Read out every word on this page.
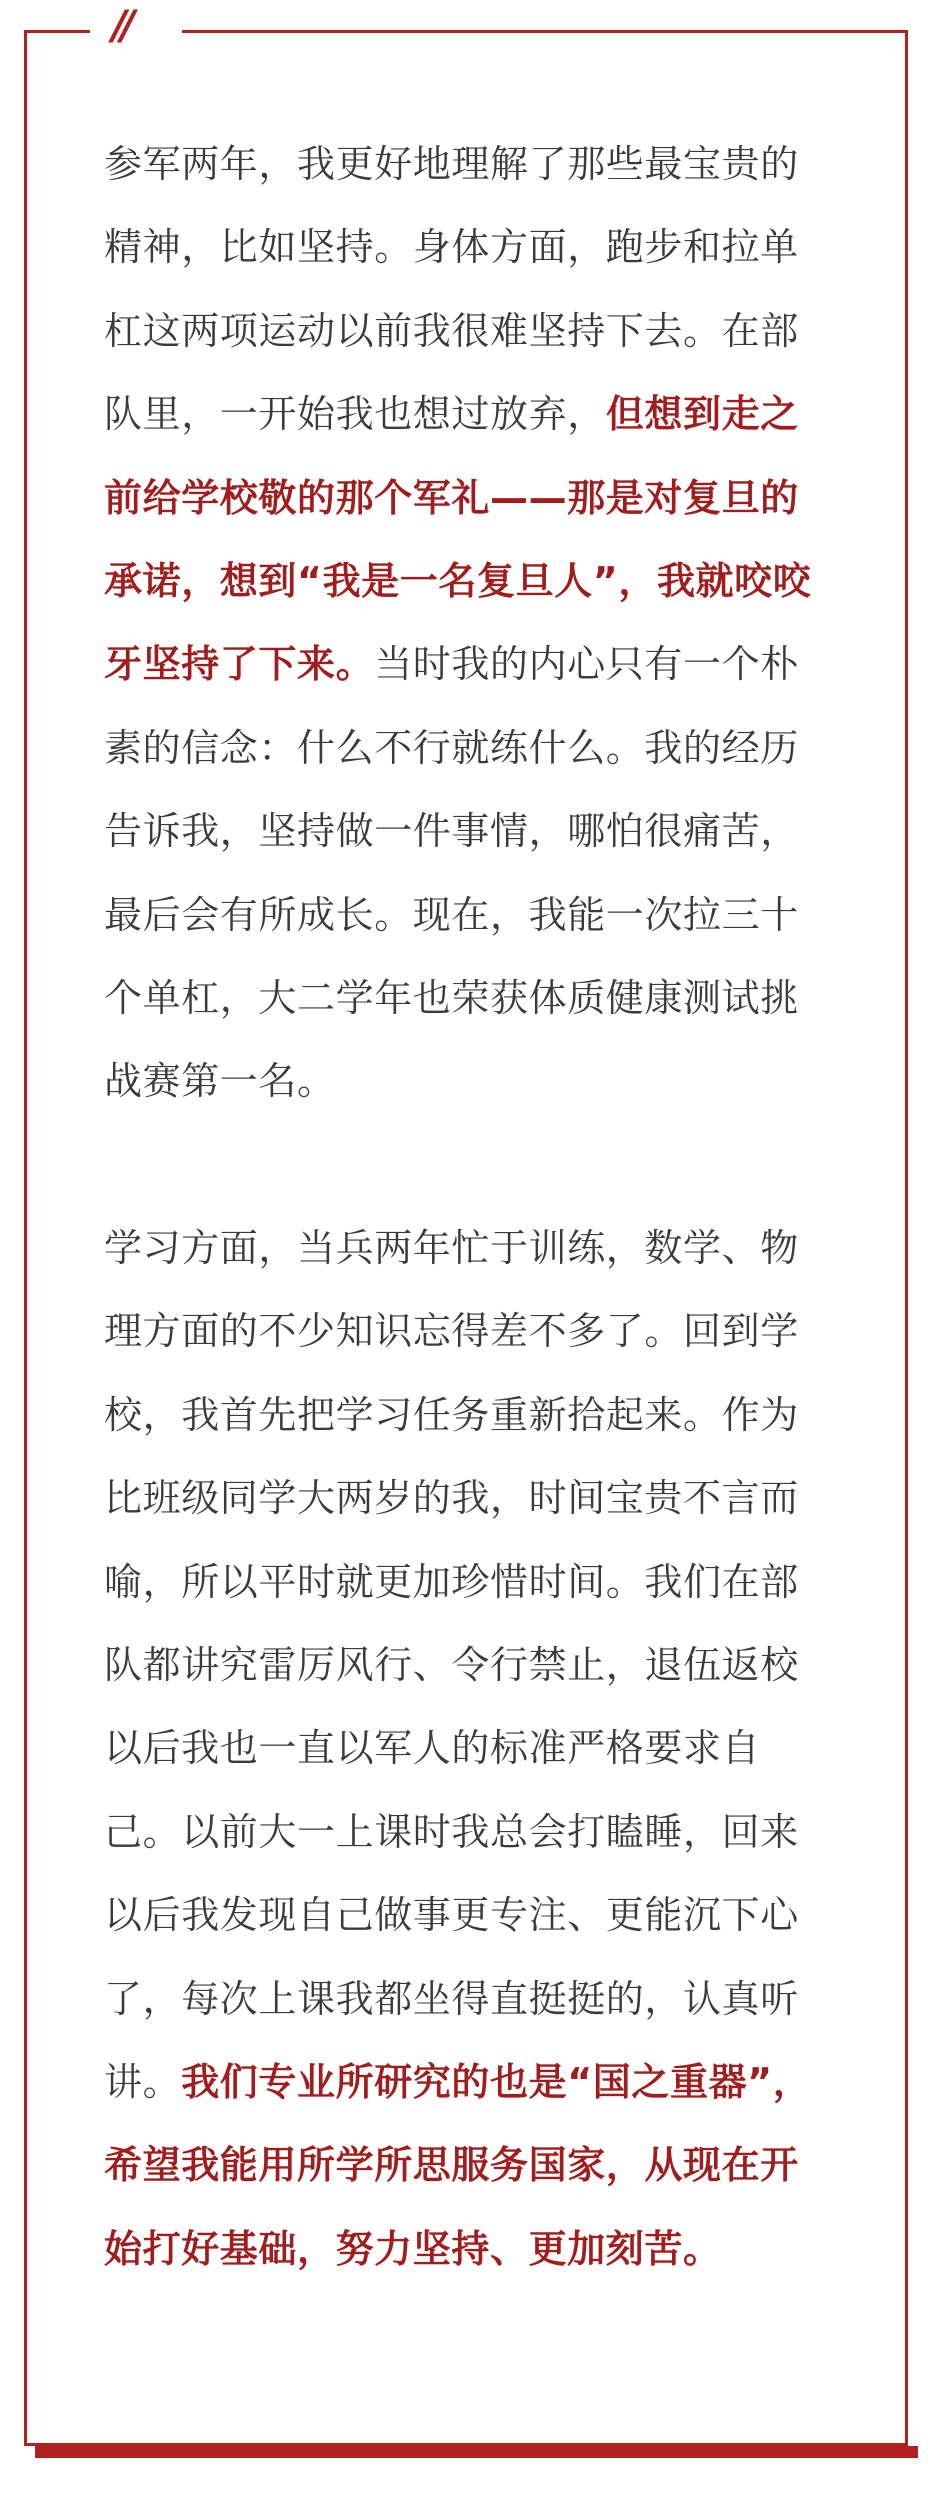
//

参军两年，我更好地理解了那些最宝贵的精神，比如坚持。身体方面，跑步和拉单杠这两项运动以前我很难坚持下去。在部队里，一开始我也想过放弃，但想到走之前给学校敬的那个军礼——那是对复旦的承诺，想到“我是一名复旦人”，我就咬咬牙坚持了下来。当时我的内心只有一个朴素的信念：什么不行就练什么。我的经历告诉我，坚持做一件事情，哪怕很痛苦，最后会有所成长。现在，我能一次拉三十个单杠，大二学年也荣获体质健康测试挑战赛第一名。

学习方面，当兵两年忙于训练，数学、物理方面的不少知识忘得差不多了。回到学校，我首先把学习任务重新拾起来。作为比班级同学大两岁的我，时间宝贵不言而喻，所以平时就更加珍惜时间。我们在部队都讲究雷厉风行、令行禁止，退伍返校以后我也一直以军人的标准严格要求自己。以前大一上课时我总会打瞌睡，回来以后我发现自己做事更专注、更能沉下心了，每次上课我都坐得直挺挺的，认真听讲。我们专业所研究的也是“国之重器”，希望我能用所学所思服务国家，从现在开始打好基础，努力坚持、更加刻苦。
